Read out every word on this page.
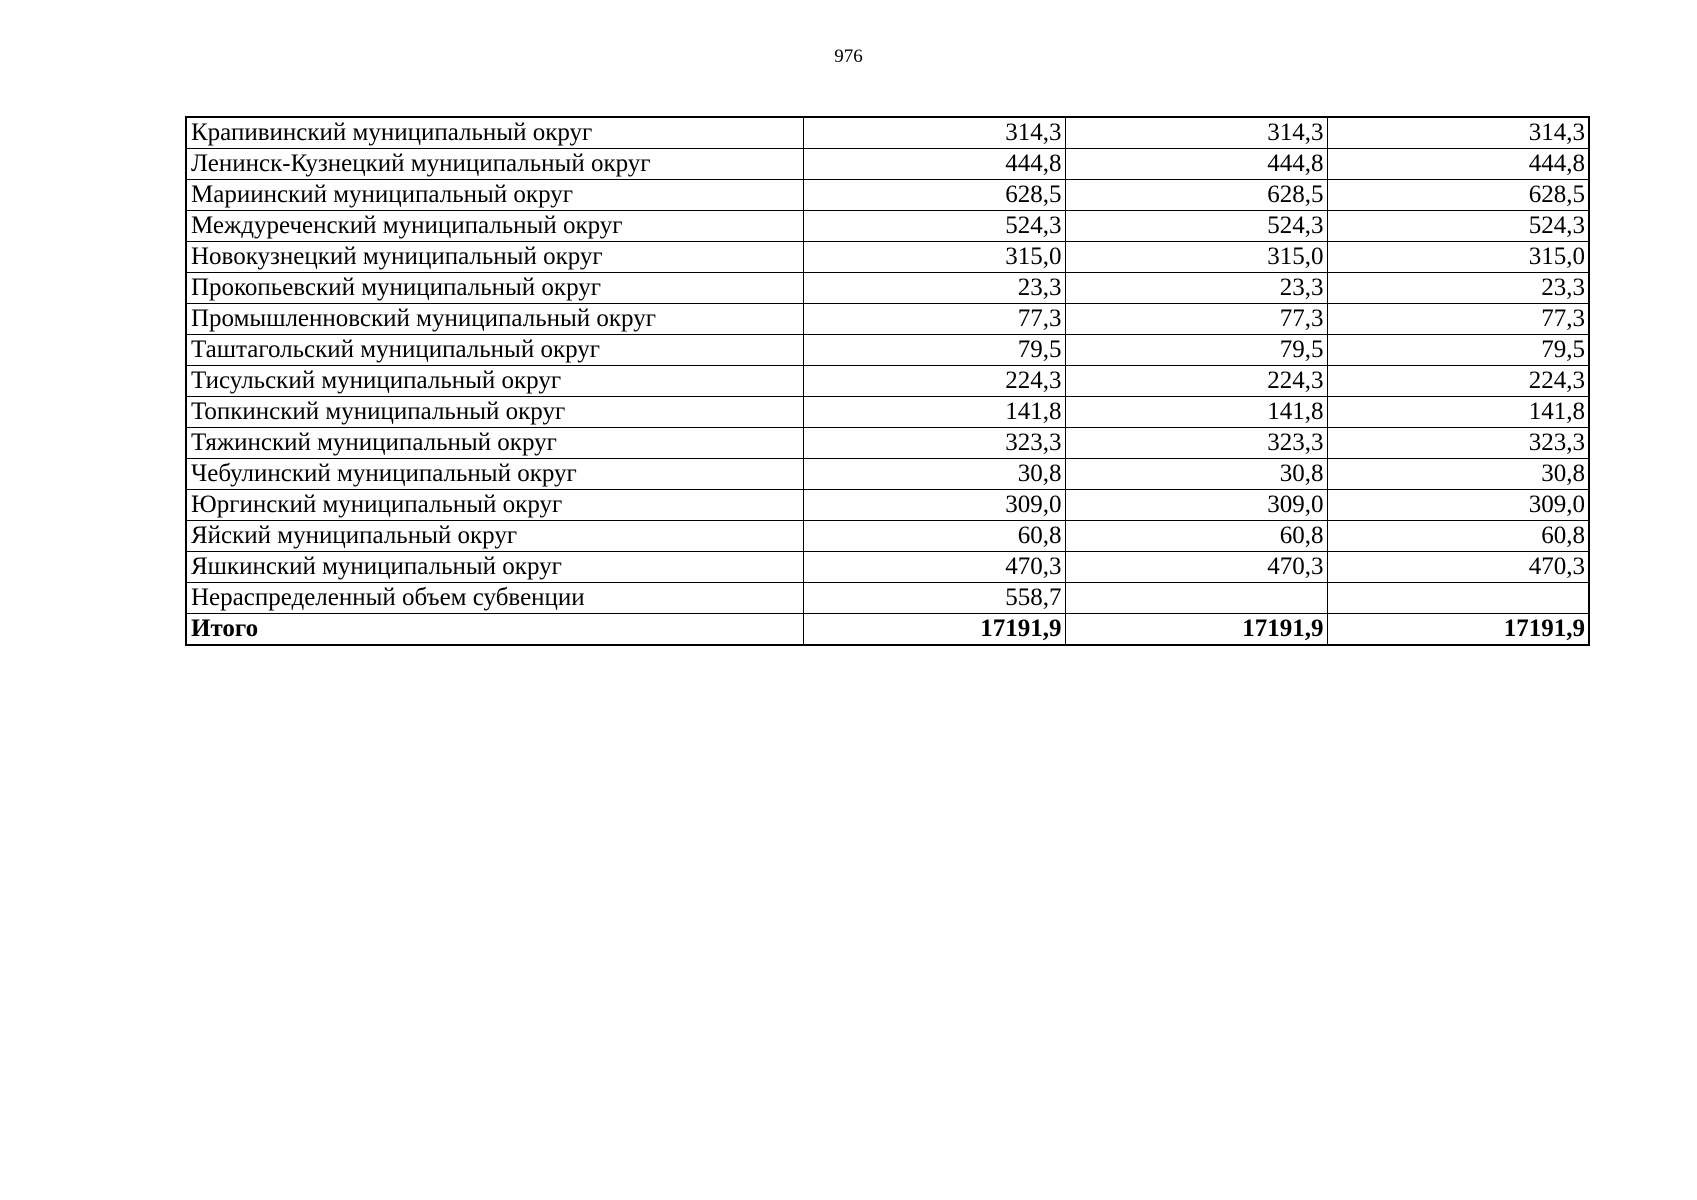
976
Крапивинский муниципальный округ	314,3	314,3	314,3
Ленинск-Кузнецкий муниципальный округ	444,8	444,8	444,8
Мариинский муниципальный округ	628,5	628,5	628,5
Междуреченский муниципальный округ	524,3	524,3	524,3
Новокузнецкий муниципальный округ	315,0	315,0	315,0
Прокопьевский муниципальный округ	23,3	23,3	23,3
Промышленновский муниципальный округ	77,3	77,3	77,3
Таштагольский муниципальный округ	79,5	79,5	79,5
Тисульский муниципальный округ	224,3	224,3	224,3
Топкинский муниципальный округ	141,8	141,8	141,8
Тяжинский муниципальный округ	323,3	323,3	323,3
Чебулинский муниципальный округ	30,8	30,8	30,8
Юргинский муниципальный округ	309,0	309,0	309,0
Яйский муниципальный округ	60,8	60,8	60,8
Яшкинский муниципальный округ	470,3	470,3	470,3
Нераспределенный объем субвенции	558,7		
Итого	17191,9	17191,9	17191,9
